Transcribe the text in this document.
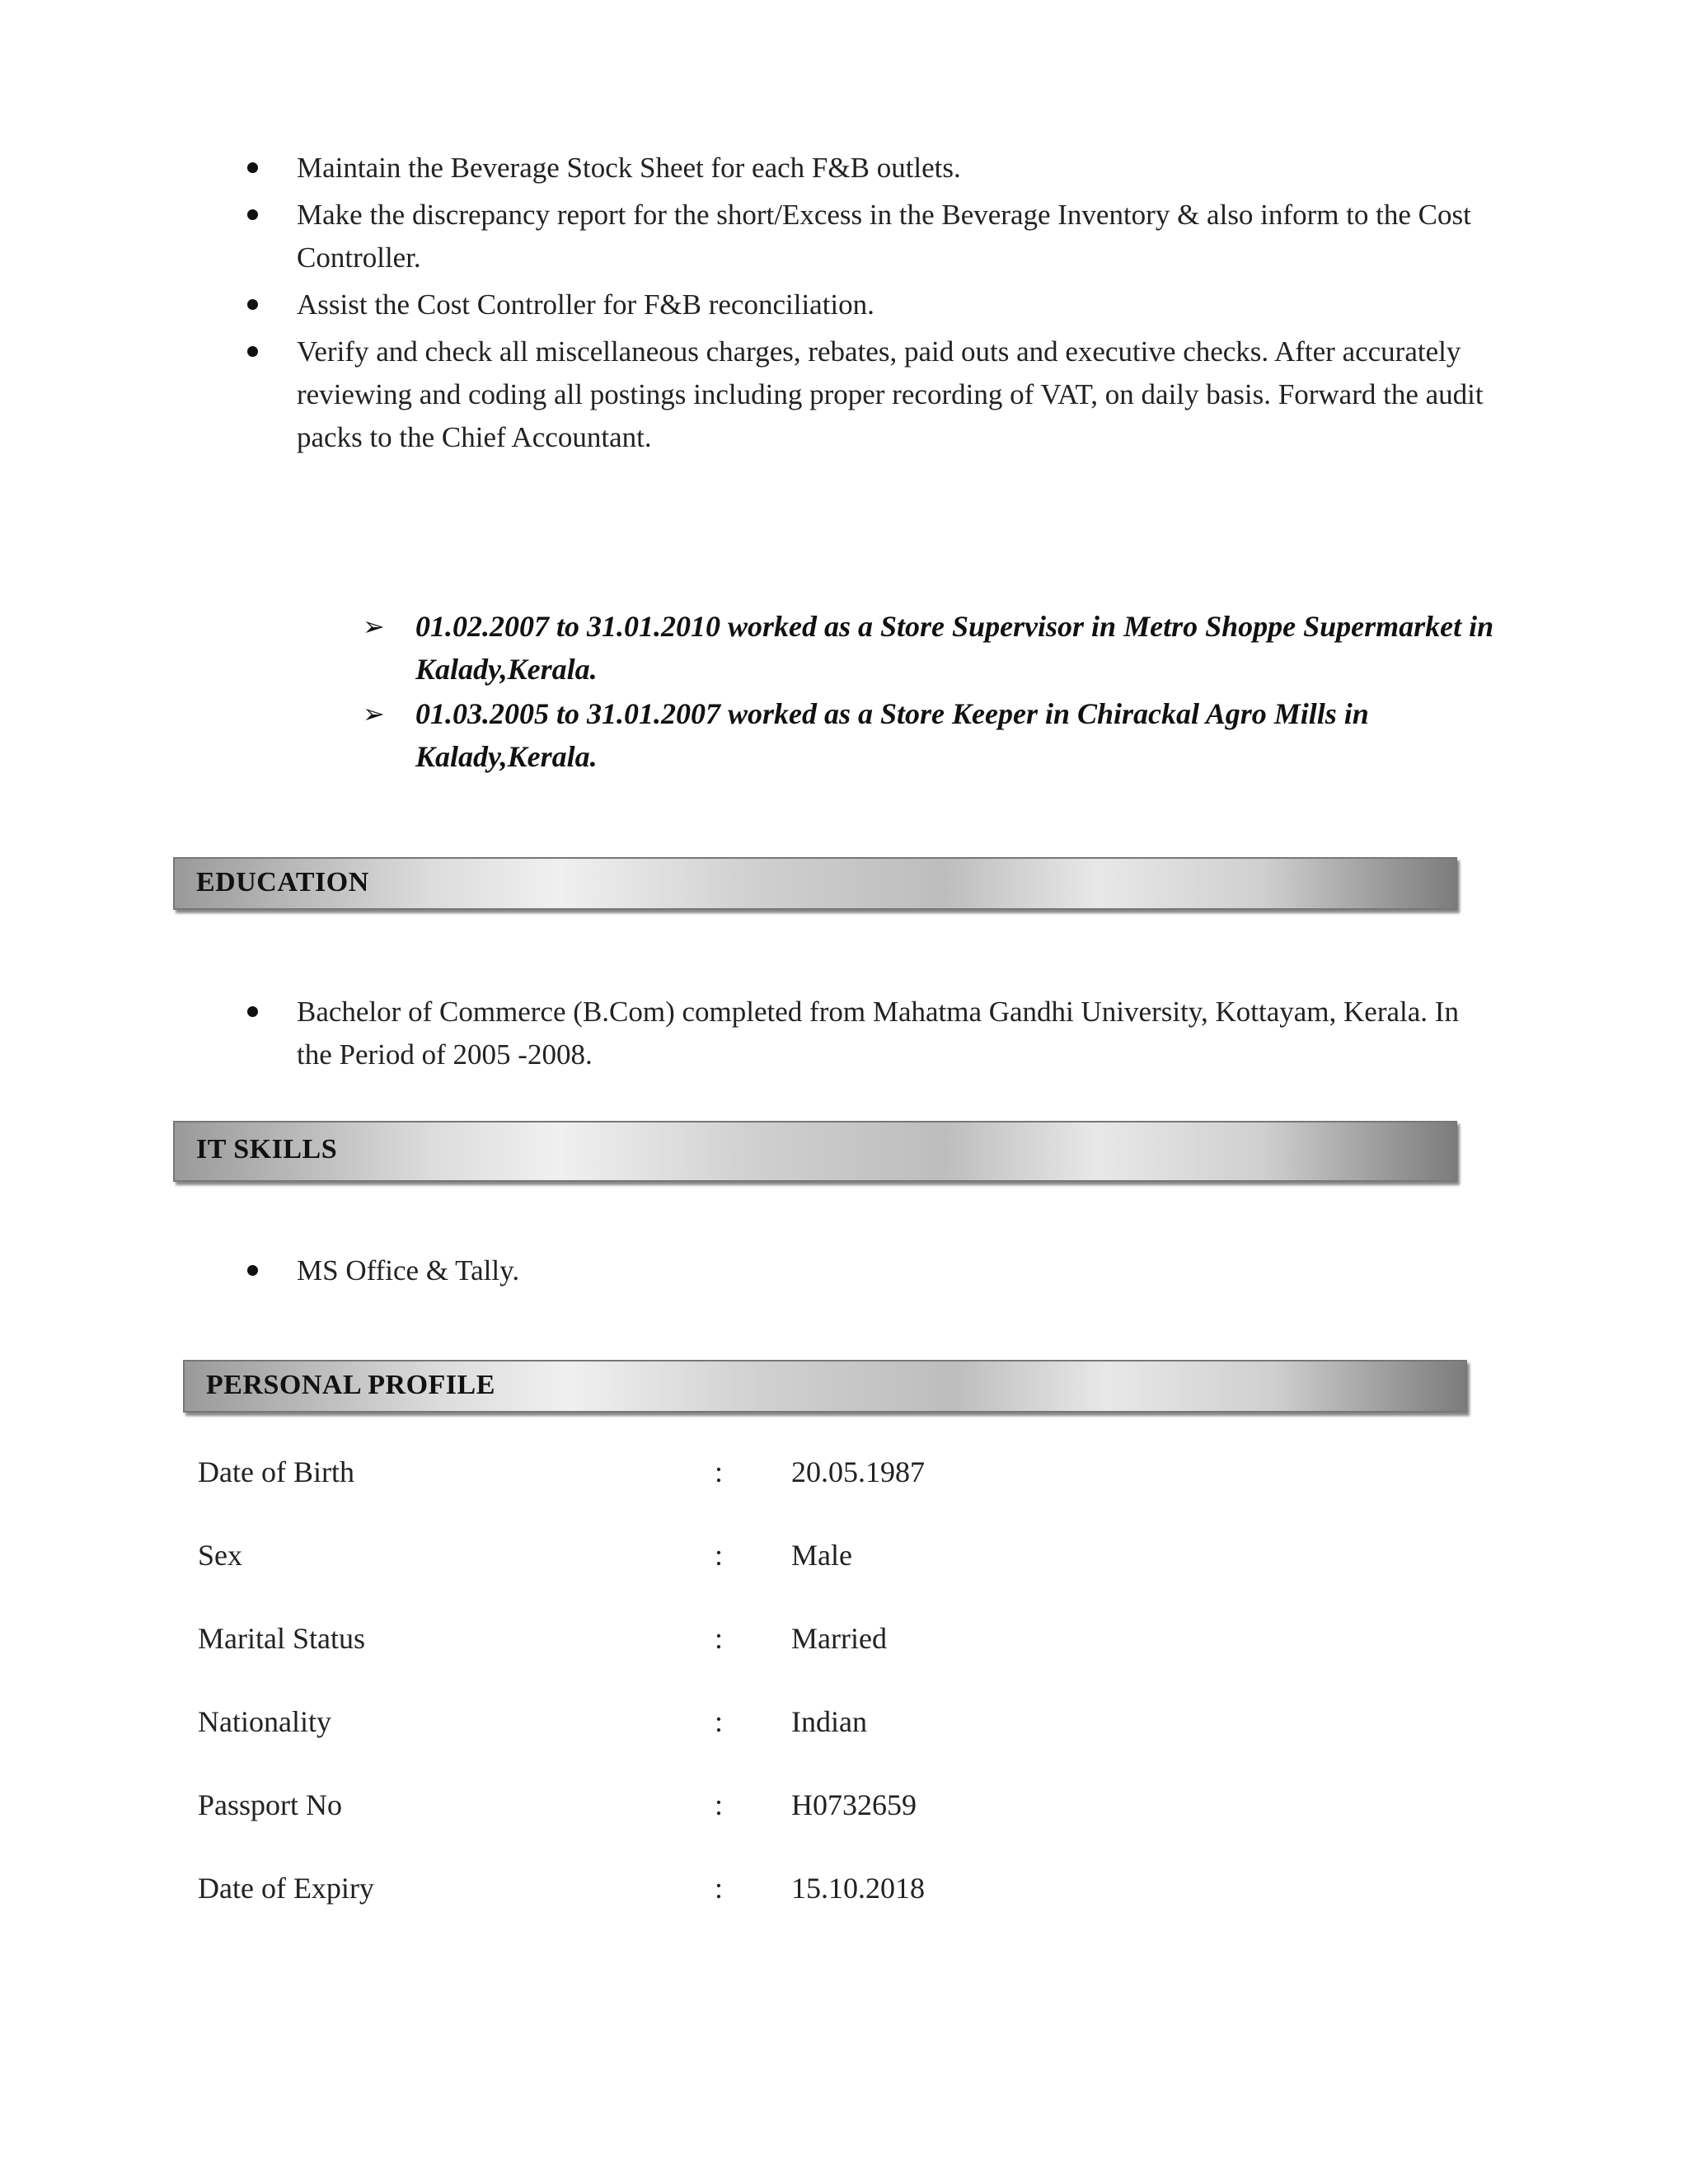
Maintain the Beverage Stock Sheet for each F&B outlets.
Make the discrepancy report for the short/Excess in the Beverage Inventory & also inform to the Cost Controller.
Assist the Cost Controller for F&B reconciliation.
Verify and check all miscellaneous charges, rebates, paid outs and executive checks. After accurately reviewing and coding all postings including proper recording of VAT, on daily basis. Forward the audit packs to the Chief Accountant.
➢ 01.02.2007 to 31.01.2010 worked as a Store Supervisor in Metro Shoppe Supermarket in Kalady,Kerala.
➢ 01.03.2005 to 31.01.2007 worked as a Store Keeper in Chirackal Agro Mills in Kalady,Kerala.
EDUCATION
Bachelor of Commerce (B.Com) completed from Mahatma Gandhi University, Kottayam, Kerala. In the Period of 2005 -2008.
IT SKILLS
MS Office & Tally.
PERSONAL PROFILE
Date of Birth	: 20.05.1987
Sex	: Male
Marital Status	: Married
Nationality	: Indian
Passport No	: H0732659
Date of Expiry	: 15.10.2018
